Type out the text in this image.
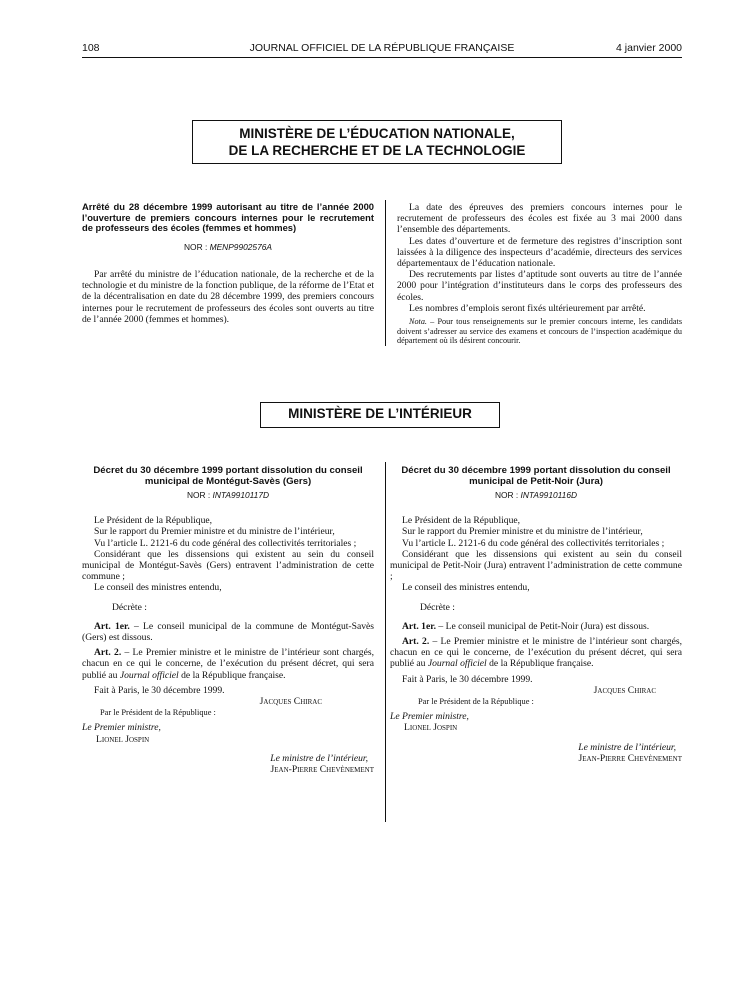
108	JOURNAL OFFICIEL DE LA RÉPUBLIQUE FRANÇAISE	4 janvier 2000
MINISTÈRE DE L’ÉDUCATION NATIONALE,
DE LA RECHERCHE ET DE LA TECHNOLOGIE

Arrêté du 28 décembre 1999 autorisant au titre de l’année 2000 l’ouverture de premiers concours internes pour le recrutement de professeurs des écoles (femmes et hommes)

NOR : MENP9902576A

Par arrêté du ministre de l’éducation nationale, de la recherche et de la technologie et du ministre de la fonction publique, de la réforme de l’Etat et de la décentralisation en date du 28 décembre 1999, des premiers concours internes pour le recrutement de professeurs des écoles sont ouverts au titre de l’année 2000 (femmes et hommes).

La date des épreuves des premiers concours internes pour le recrutement de professeurs des écoles est fixée au 3 mai 2000 dans l’ensemble des départements.

Les dates d’ouverture et de fermeture des registres d’inscription sont laissées à la diligence des inspecteurs d’académie, directeurs des services départementaux de l’éducation nationale.

Des recrutements par listes d’aptitude sont ouverts au titre de l’année 2000 pour l’intégration d’instituteurs dans le corps des professeurs des écoles.

Les nombres d’emplois seront fixés ultérieurement par arrêté.

Nota. – Pour tous renseignements sur le premier concours interne, les candidats doivent s’adresser au service des examens et concours de l’inspection académique du département où ils désirent concourir.

MINISTÈRE DE L’INTÉRIEUR

Décret du 30 décembre 1999 portant dissolution du conseil municipal de Montégut-Savès (Gers)

NOR : INTA9910117D

Le Président de la République,

Sur le rapport du Premier ministre et du ministre de l’intérieur,

Vu l’article L. 2121-6 du code général des collectivités territoriales ;

Considérant que les dissensions qui existent au sein du conseil municipal de Montégut-Savès (Gers) entravent l’administration de cette commune ;

Le conseil des ministres entendu,

Décrète :

Art. 1er. – Le conseil municipal de la commune de Montégut-Savès (Gers) est dissous.

Art. 2. – Le Premier ministre et le ministre de l’intérieur sont chargés, chacun en ce qui le concerne, de l’exécution du présent décret, qui sera publié au Journal officiel de la République française.

Fait à Paris, le 30 décembre 1999.

Jacques Chirac

Par le Président de la République :

Le Premier ministre,

Lionel Jospin

Le ministre de l’intérieur,

Jean-Pierre Chevènement

Décret du 30 décembre 1999 portant dissolution du conseil municipal de Petit-Noir (Jura)

NOR : INTA9910116D

Le Président de la République,

Sur le rapport du Premier ministre et du ministre de l’intérieur,

Vu l’article L. 2121-6 du code général des collectivités territoriales ;

Considérant que les dissensions qui existent au sein du conseil municipal de Petit-Noir (Jura) entravent l’administration de cette commune ;

Le conseil des ministres entendu,

Décrète :

Art. 1er. – Le conseil municipal de Petit-Noir (Jura) est dissous.

Art. 2. – Le Premier ministre et le ministre de l’intérieur sont chargés, chacun en ce qui le concerne, de l’exécution du présent décret, qui sera publié au Journal officiel de la République française.

Fait à Paris, le 30 décembre 1999.

Jacques Chirac

Par le Président de la République :

Le Premier ministre,

Lionel Jospin

Le ministre de l’intérieur,

Jean-Pierre Chevènement
